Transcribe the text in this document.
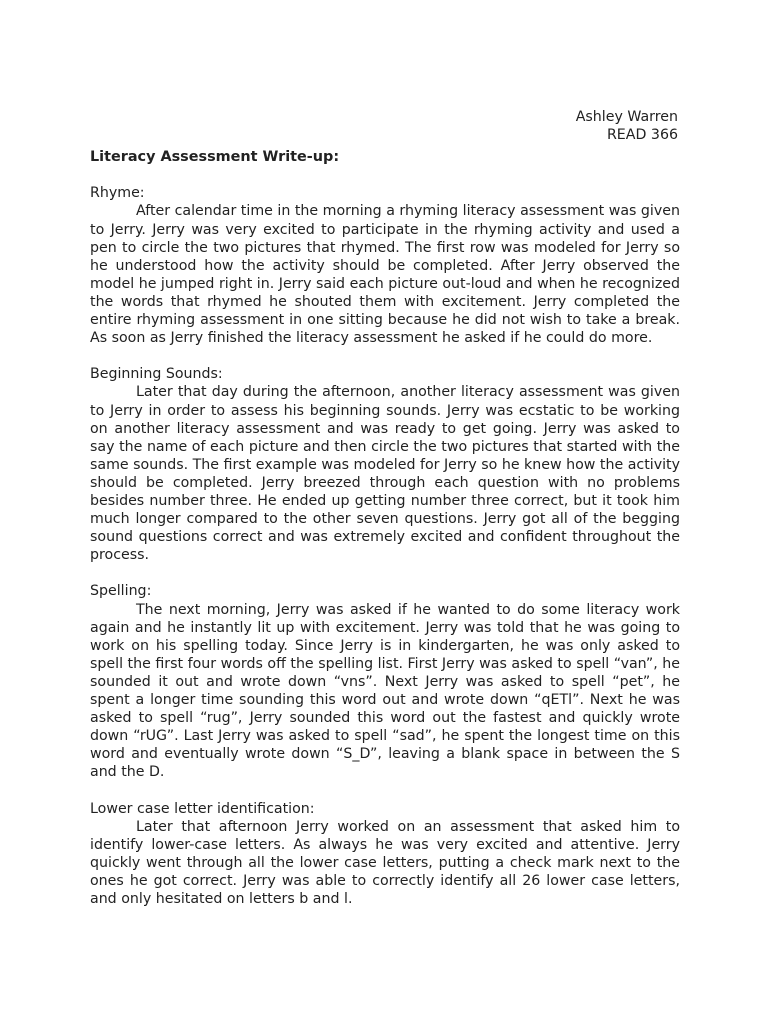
Ashley Warren
READ 366
Literacy Assessment Write-up:
Rhyme:

After calendar time in the morning a rhyming literacy assessment was given to Jerry. Jerry was very excited to participate in the rhyming activity and used a pen to circle the two pictures that rhymed. The first row was modeled for Jerry so he understood how the activity should be completed. After Jerry observed the model he jumped right in. Jerry said each picture out-loud and when he recognized the words that rhymed he shouted them with excitement. Jerry completed the entire rhyming assessment in one sitting because he did not wish to take a break. As soon as Jerry finished the literacy assessment he asked if he could do more.

Beginning Sounds:

Later that day during the afternoon, another literacy assessment was given to Jerry in order to assess his beginning sounds. Jerry was ecstatic to be working on another literacy assessment and was ready to get going. Jerry was asked to say the name of each picture and then circle the two pictures that started with the same sounds. The first example was modeled for Jerry so he knew how the activity should be completed. Jerry breezed through each question with no problems besides number three. He ended up getting number three correct, but it took him much longer compared to the other seven questions. Jerry got all of the begging sound questions correct and was extremely excited and confident throughout the process.

Spelling:

The next morning, Jerry was asked if he wanted to do some literacy work again and he instantly lit up with excitement. Jerry was told that he was going to work on his spelling today. Since Jerry is in kindergarten, he was only asked to spell the first four words off the spelling list. First Jerry was asked to spell “van”, he sounded it out and wrote down “vns”. Next Jerry was asked to spell “pet”, he spent a longer time sounding this word out and wrote down “qETl”. Next he was asked to spell “rug”, Jerry sounded this word out the fastest and quickly wrote down “rUG”. Last Jerry was asked to spell “sad”, he spent the longest time on this word and eventually wrote down “S_D”, leaving a blank space in between the S and the D.

Lower case letter identification:

Later that afternoon Jerry worked on an assessment that asked him to identify lower-case letters. As always he was very excited and attentive. Jerry quickly went through all the lower case letters, putting a check mark next to the ones he got correct. Jerry was able to correctly identify all 26 lower case letters, and only hesitated on letters b and l.
